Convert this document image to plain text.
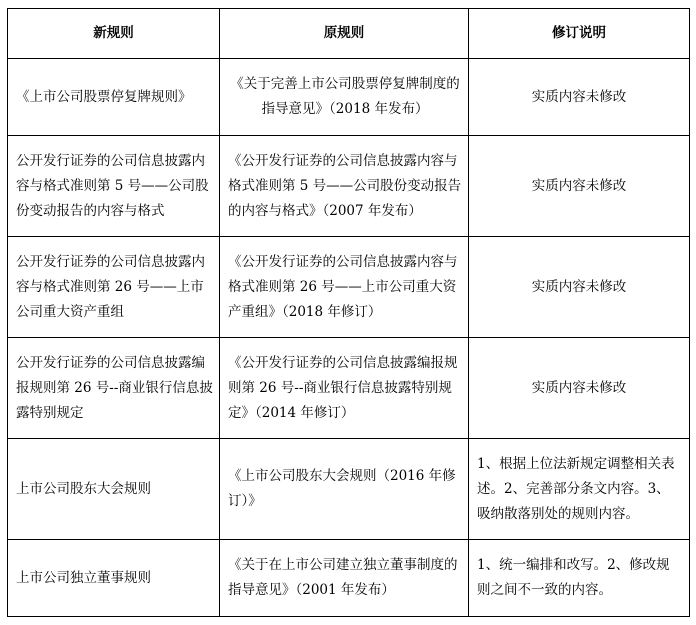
新规则	原规则	修订说明
《上市公司股票停复牌规则》	《关于完善上市公司股票停复牌制度的指导意见》（2018 年发布）	实质内容未修改
公开发行证券的公司信息披露内容与格式准则第 5 号——公司股份变动报告的内容与格式	《公开发行证券的公司信息披露内容与格式准则第 5 号——公司股份变动报告的内容与格式》（2007 年发布）	实质内容未修改
公开发行证券的公司信息披露内容与格式准则第 26 号——上市公司重大资产重组	《公开发行证券的公司信息披露内容与格式准则第 26 号——上市公司重大资产重组》（2018 年修订）	实质内容未修改
公开发行证券的公司信息披露编报规则第 26 号--商业银行信息披露特别规定	《公开发行证券的公司信息披露编报规则第 26 号--商业银行信息披露特别规定》（2014 年修订）	实质内容未修改
上市公司股东大会规则	《上市公司股东大会规则（2016 年修订）》	1、根据上位法新规定调整相关表述。2、完善部分条文内容。3、吸纳散落别处的规则内容。
上市公司独立董事规则	《关于在上市公司建立独立董事制度的指导意见》（2001 年发布）	1、统一编排和改写。2、修改规则之间不一致的内容。
